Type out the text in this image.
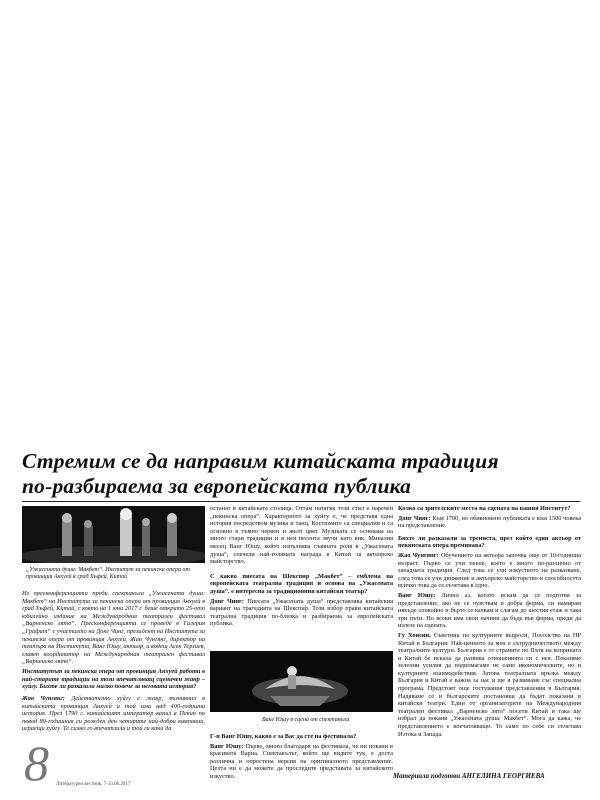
Стремим се да направим китайската традиция
по-разбираема за европейската публика
„Ужасената душа: Макбет“. Институт за пекинска опера от провинция Анхуей в град Хъфей, Китай

Из пресконференцията преди спектакъла „Ужасената душа: Макбет“ на Института за пекинска опера от провинция Анхуей в град Хъфей, Китай, с която на 1 юни 2017 г. беше открито 25-ото юбилейно издание на Международния театрален фестивал „Варненско лято“. Пресконференцията се проведе в Галерия „Графит“ с участието на Донг Чинг, президент на Института за пекинска опера от провинция Анхуей, Жао Чунгянг, директор на театъра на Института, Ванг Юшу, актьор, и водещ Асен Терзиев, главен координатор на Международния театрален фестивал „Варненско лято“.

Институтът за пекинска опера от провинция Анхуей работи в най-старите традиции на този впечатляващ сценичен жанр – хуйгу. Бихте ли разказали малко повече за неговата история?

Жао Чунгянг: Действително хуйгу е жанр, възникнал в китайската провинция Анхуей и той има над 400-годишна история. През 1790 г. китайският император канил в Пекин по повод 80-годишния си рожден ден четирите най-добри компании, играещи хуйгу. Те силно го впечатлили и той ги кани да

останат в китайската столица. Оттам нататък този стил е наречен „пекинска опера“. Характерното за хуйгу е, че представя една история посредством музика и танц. Костюмите са специални и са основно в тъмно червен и жълт цвят. Музиката се основава на много стари традиции и в нея песента звучи като вик. Миналия месец Ванг Юшу, който изпълнява главната роля в „Ужасената душа“, спечели най-голямата награда в Китай за актьорско майсторство.

С какво пиесата на Шекспир „Макбет“ – емблема на европейската театрална традиция и основа на „Ужасената душа“, е интересна за традиционния китайски театър?

Донг Чинг: Пиесата „Ужасената душа“ представлява китайския вариант на трагедията на Шекспир. Този избор прави китайската театрална традиция по-близка и разбираема за европейската публика.

Ванг Юшу в сцена от спектакъла

Г-н Ванг Юшу, какво е за Вас да сте на фестивала?

Ванг Юшу: Първо, много благодаря на фестивала, че ни покани в красивата Варна. Спектакълът, който ще видите тук, е доста различна и опростена версия на оригиналното представление. Целта ни е да можете да проследите представата за китайското изкуство.

Колко са зрителските места на сцената на вашия Институт?

Донг Чинг: Към 1700, но обикновено публиката е към 1500 човека на представление.

Бихте ли разказали за трениста, през който един актьор от пекинската опера преминава?

Жао Чунгянг: Обучението на актьора започва още от 10-годишна възраст. Първо се учи пеене, което е много по-различно от западната традиция. След това се учи изкуството на разказване, след това се учи движение и актьорско майсторство и способността всичко това да се съчетава в едно.

Ванг Юшу: Лично аз, когато искам да се подготвя за представление, ако не се чувствам в добра форма, си намирам някъде спокойно и бързо се качвам и слагам до шестия етаж и така три пъти. Но всеки има свои начини да бъде във форма, преди да излезе на сцената.

Гу Хонсин, Съветник по културните въпроси, Посолство на НР Китай в България: Най-ценното за мен е сътрудничеството между театралните култури. България е от страните по Пътя на коприната и Китай бе искала да развива отношенията си с нея. Показвме зеленни усилия да подпомагаме не само икономическите, но и културните взаимодействия. Затова театралната връзка между България и Китай е важна за нас и ще я развиваме със специална програма. Предстоят още гостувания представления в България. Надяваме се и българските постановки да бъдат показани в китайски театри. Един от организаторите на Международния театрален фестивал „Варненско лято“ посети Китай и така ще избрал да покани „Ужасената душа: Макбет“. Мога да кажа, че представлението е впечатляващо. То само по себе си съчетава Изтока и Запада.

Материала подготви АНГЕЛИНА ГЕОРГИЕВА
8 Литературен вестник, 7-13.06.2017
